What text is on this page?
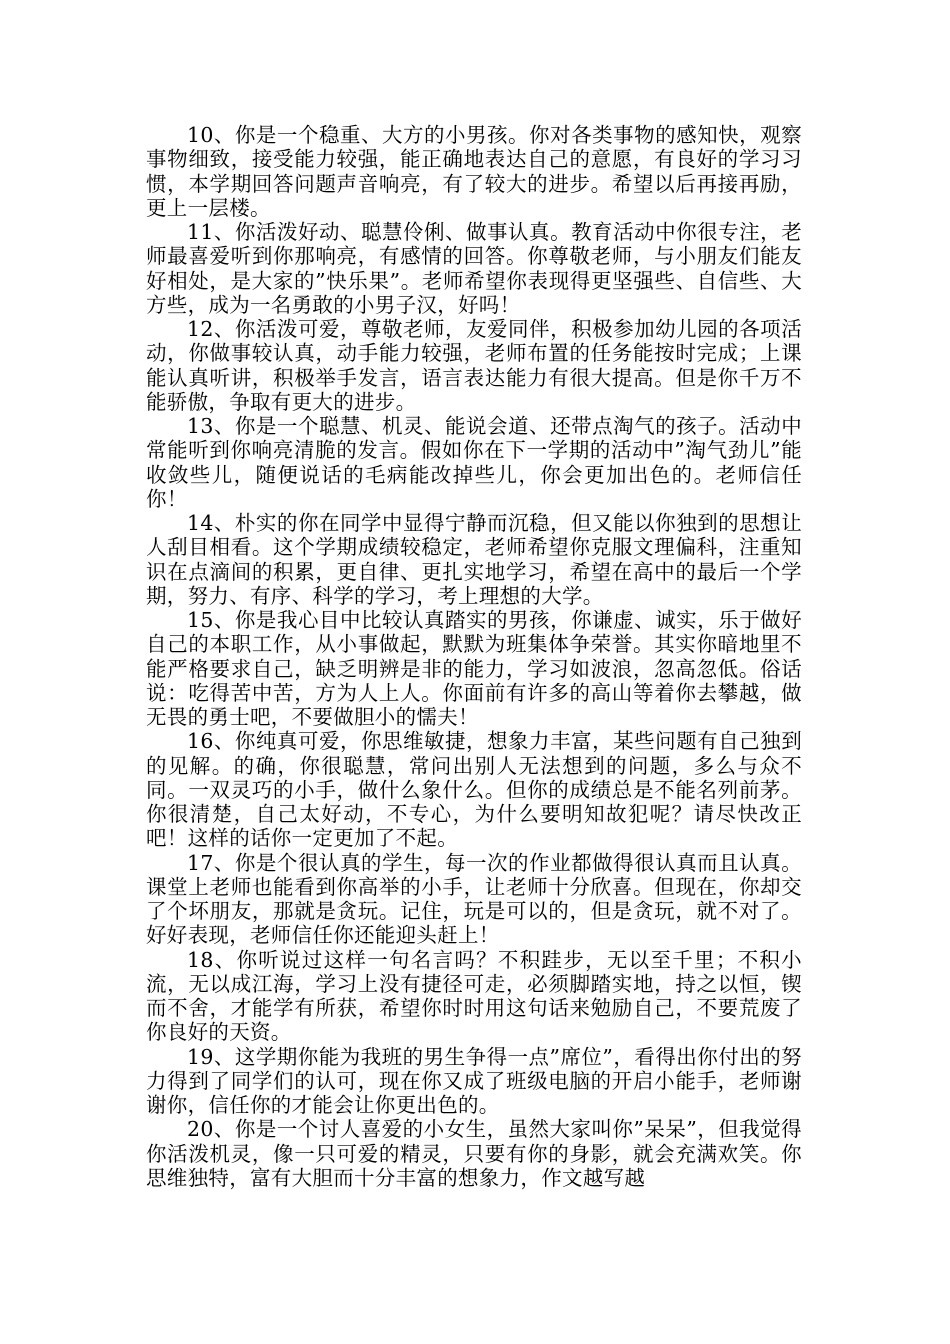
10、你是一个稳重、大方的小男孩。你对各类事物的感知快，观察事物细致，接受能力较强，能正确地表达自己的意愿，有良好的学习习惯，本学期回答问题声音响亮，有了较大的进步。希望以后再接再励，更上一层楼。

11、你活泼好动、聪慧伶俐、做事认真。教育活动中你很专注，老师最喜爱听到你那响亮，有感情的回答。你尊敬老师，与小朋友们能友好相处，是大家的”快乐果”。老师希望你表现得更坚强些、自信些、大方些，成为一名勇敢的小男子汉，好吗！

12、你活泼可爱，尊敬老师，友爱同伴，积极参加幼儿园的各项活动，你做事较认真，动手能力较强，老师布置的任务能按时完成；上课能认真听讲，积极举手发言，语言表达能力有很大提高。但是你千万不能骄傲，争取有更大的进步。

13、你是一个聪慧、机灵、能说会道、还带点淘气的孩子。活动中常能听到你响亮清脆的发言。假如你在下一学期的活动中”淘气劲儿”能收敛些儿，随便说话的毛病能改掉些儿，你会更加出色的。老师信任你！

14、朴实的你在同学中显得宁静而沉稳，但又能以你独到的思想让人刮目相看。这个学期成绩较稳定，老师希望你克服文理偏科，注重知识在点滴间的积累，更自律、更扎实地学习，希望在高中的最后一个学期，努力、有序、科学的学习，考上理想的大学。

15、你是我心目中比较认真踏实的男孩，你谦虚、诚实，乐于做好自己的本职工作，从小事做起，默默为班集体争荣誉。其实你暗地里不能严格要求自己，缺乏明辨是非的能力，学习如波浪，忽高忽低。俗话说：吃得苦中苦，方为人上人。你面前有许多的高山等着你去攀越，做无畏的勇士吧，不要做胆小的懦夫！

16、你纯真可爱，你思维敏捷，想象力丰富，某些问题有自己独到的见解。的确，你很聪慧，常问出别人无法想到的问题，多么与众不同。一双灵巧的小手，做什么象什么。但你的成绩总是不能名列前茅。你很清楚，自己太好动，不专心，为什么要明知故犯呢？请尽快改正吧！这样的话你一定更加了不起。

17、你是个很认真的学生，每一次的作业都做得很认真而且认真。课堂上老师也能看到你高举的小手，让老师十分欣喜。但现在，你却交了个坏朋友，那就是贪玩。记住，玩是可以的，但是贪玩，就不对了。好好表现，老师信任你还能迎头赶上！

18、你听说过这样一句名言吗？不积跬步，无以至千里；不积小流，无以成江海，学习上没有捷径可走，必须脚踏实地，持之以恒，锲而不舍，才能学有所获，希望你时时用这句话来勉励自己，不要荒废了你良好的天资。

19、这学期你能为我班的男生争得一点”席位”，看得出你付出的努力得到了同学们的认可，现在你又成了班级电脑的开启小能手，老师谢谢你，信任你的才能会让你更出色的。

20、你是一个讨人喜爱的小女生，虽然大家叫你”呆呆”，但我觉得你活泼机灵，像一只可爱的精灵，只要有你的身影，就会充满欢笑。你思维独特，富有大胆而十分丰富的想象力，作文越写越
